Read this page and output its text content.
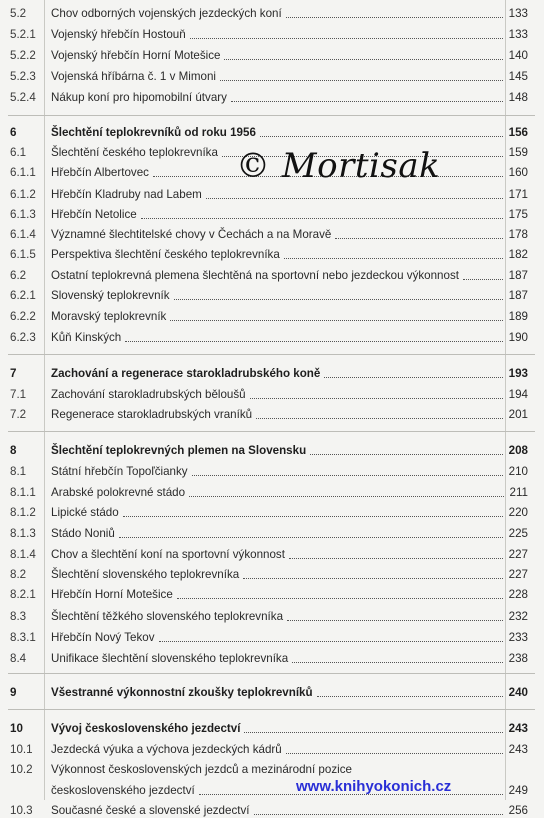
5.2 Chov odborných vojenských jezdeckých koní	133
5.2.1 Vojenský hřebčín Hostouň	133
5.2.2 Vojenský hřebčín Horní Motešice	140
5.2.3 Vojenská hříbárna č. 1 v Mimoni	145
5.2.4 Nákup koní pro hipomobilní útvary	148
6	Šlechtění teplokrevníků od roku 1956	156
6.1 Šlechtění českého teplokrevníka	159
6.1.1 Hřebčín Albertovec	160
6.1.2 Hřebčín Kladruby nad Labem	171
6.1.3 Hřebčín Netolice	175
6.1.4 Významné šlechtitelské chovy v Čechách a na Moravě	178
6.1.5 Perspektiva šlechtění českého teplokrevníka	182
6.2 Ostatní teplokrevná plemena šlechtěná na sportovní nebo jezdeckou výkonnost	187
6.2.1 Slovenský teplokrevník	187
6.2.2 Moravský teplokrevník	189
6.2.3 Kůň Kinských	190
7	Zachování a regenerace starokladrubského koně	193
7.1 Zachování starokladrubských běloušů	194
7.2 Regenerace starokladrubských vraníků	201
8	Šlechtění teplokrevných plemen na Slovensku	208
8.1 Státní hřebčín Topoľčianky	210
8.1.1 Arabské polokrevné stádo	211
8.1.2 Lipické stádo	220
8.1.3 Stádo Noniů	225
8.1.4 Chov a šlechtění koní na sportovní výkonnost	227
8.2 Šlechtění slovenského teplokrevníka	227
8.2.1 Hřebčín Horní Motešice	228
8.3 Šlechtění těžkého slovenského teplokrevníka	232
8.3.1 Hřebčín Nový Tekov	233
8.4 Unifikace šlechtění slovenského teplokrevníka	238
9	Všestranné výkonnostní zkoušky teplokrevníků	240
10 Vývoj československého jezdectví	243
10.1 Jezdecká výuka a výchova jezdeckých kádrů	243
10.2 Výkonnost československých jezdců a mezinárodní pozice
československého jezdectví	249
10.3 Současné české a slovenské jezdectví	256
© Mortisak
www.knihyokonich.cz
